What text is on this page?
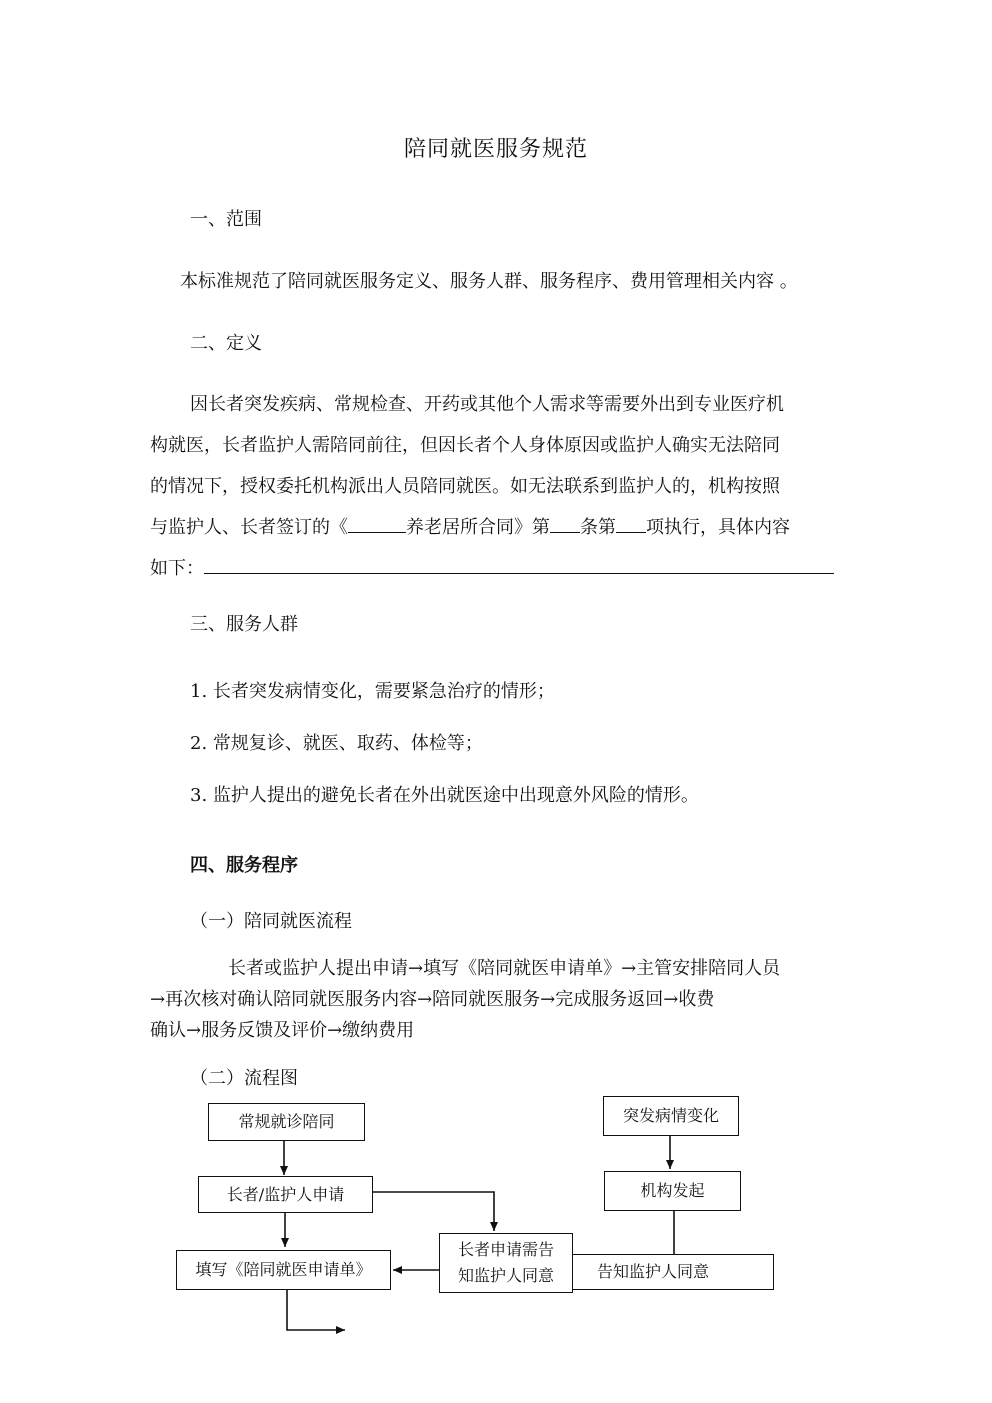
陪同就医服务规范
一、范围
本标准规范了陪同就医服务定义、服务人群、服务程序、费用管理相关内容 。
二、定义
因长者突发疾病、常规检查、开药或其他个人需求等需要外出到专业医疗机
构就医，长者监护人需陪同前往，但因长者个人身体原因或监护人确实无法陪同
的情况下，授权委托机构派出人员陪同就医。如无法联系到监护人的，机构按照
与监护人、长者签订的《	养老居所合同》第 条第 项执行，具体内容
如下：
三、服务人群
1. 长者突发病情变化，需要紧急治疗的情形；
2. 常规复诊、就医、取药、体检等；
3. 监护人提出的避免长者在外出就医途中出现意外风险的情形。
四、服务程序
（一）陪同就医流程
长者或监护人提出申请→填写《陪同就医申请单》→主管安排陪同人员
→再次核对确认陪同就医服务内容→陪同就医服务→完成服务返回→收费
确认→服务反馈及评价→缴纳费用
（二）流程图
常规就诊陪同
长者/监护人申请
填写《陪同就医申请单》	告知监护人同意
长者申请需告
知监护人同意
突发病情变化
机构发起
